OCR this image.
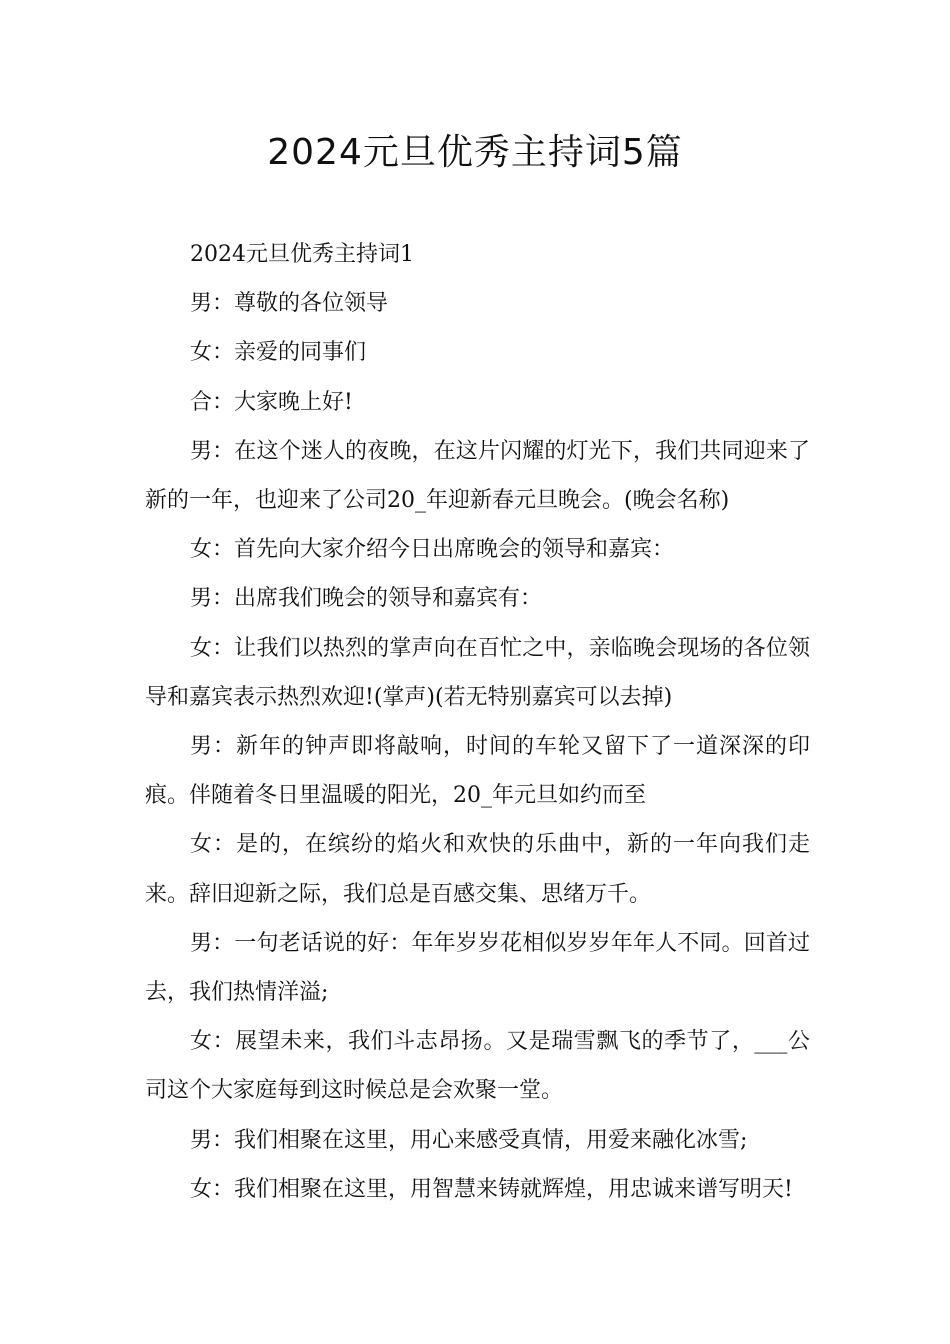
2024元旦优秀主持词5篇

2024元旦优秀主持词1

男：尊敬的各位领导

女：亲爱的同事们

合：大家晚上好!

男：在这个迷人的夜晚，在这片闪耀的灯光下，我们共同迎来了新的一年，也迎来了公司20_年迎新春元旦晚会。(晚会名称)

女：首先向大家介绍今日出席晚会的领导和嘉宾：

男：出席我们晚会的领导和嘉宾有：

女：让我们以热烈的掌声向在百忙之中，亲临晚会现场的各位领导和嘉宾表示热烈欢迎!(掌声)(若无特别嘉宾可以去掉)

男：新年的钟声即将敲响，时间的车轮又留下了一道深深的印痕。伴随着冬日里温暖的阳光，20_年元旦如约而至

女：是的，在缤纷的焰火和欢快的乐曲中，新的一年向我们走来。辞旧迎新之际，我们总是百感交集、思绪万千。

男：一句老话说的好：年年岁岁花相似岁岁年年人不同。回首过去，我们热情洋溢;

女：展望未来，我们斗志昂扬。又是瑞雪飘飞的季节了，___公司这个大家庭每到这时候总是会欢聚一堂。

男：我们相聚在这里，用心来感受真情，用爱来融化冰雪;

女：我们相聚在这里，用智慧来铸就辉煌，用忠诚来谱写明天!
